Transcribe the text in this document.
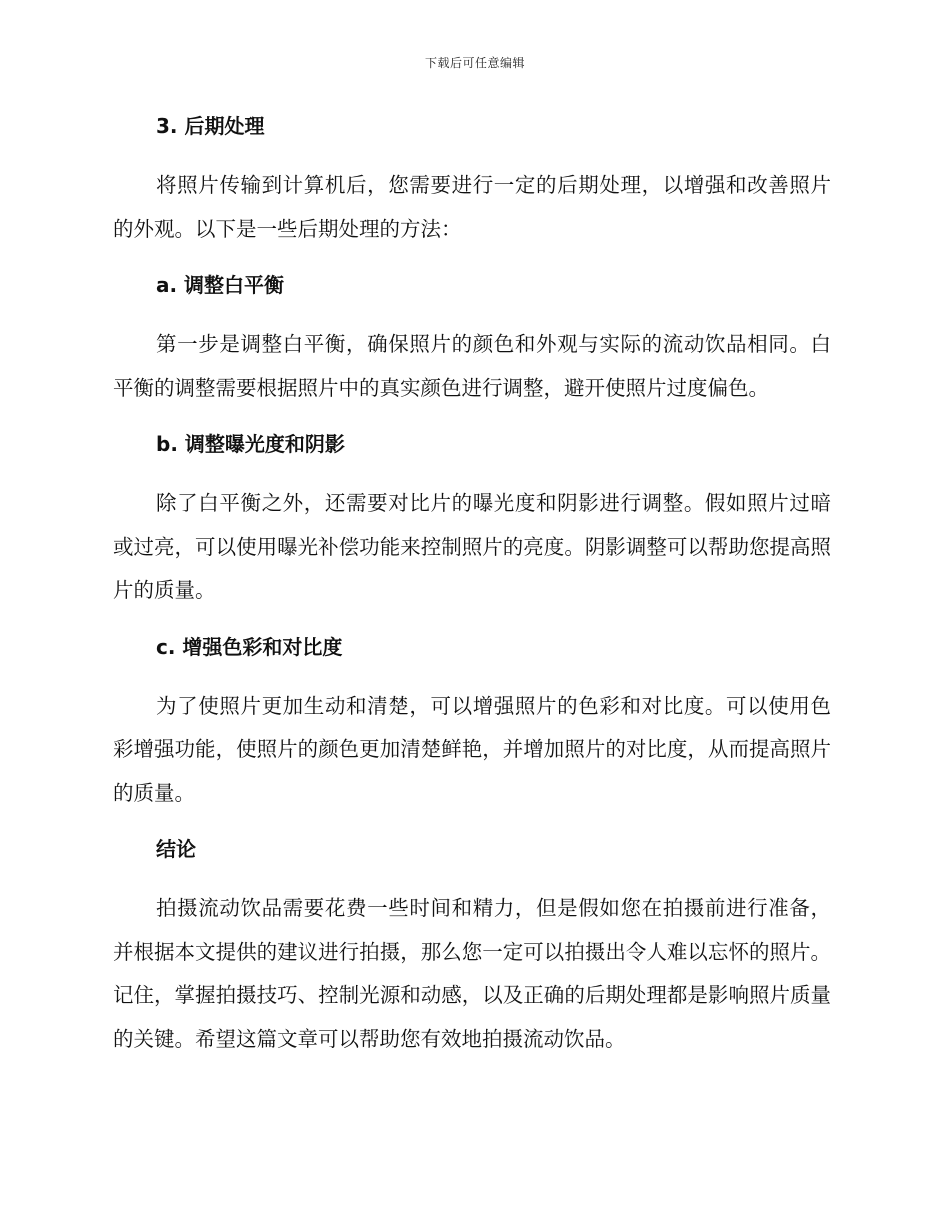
下载后可任意编辑
3. 后期处理

将照片传输到计算机后，您需要进行一定的后期处理，以增强和改善照片的外观。以下是一些后期处理的方法：

a. 调整白平衡

第一步是调整白平衡，确保照片的颜色和外观与实际的流动饮品相同。白平衡的调整需要根据照片中的真实颜色进行调整，避开使照片过度偏色。

b. 调整曝光度和阴影

除了白平衡之外，还需要对比片的曝光度和阴影进行调整。假如照片过暗或过亮，可以使用曝光补偿功能来控制照片的亮度。阴影调整可以帮助您提高照片的质量。

c. 增强色彩和对比度

为了使照片更加生动和清楚，可以增强照片的色彩和对比度。可以使用色彩增强功能，使照片的颜色更加清楚鲜艳，并增加照片的对比度，从而提高照片的质量。

结论

拍摄流动饮品需要花费一些时间和精力，但是假如您在拍摄前进行准备，并根据本文提供的建议进行拍摄，那么您一定可以拍摄出令人难以忘怀的照片。记住，掌握拍摄技巧、控制光源和动感，以及正确的后期处理都是影响照片质量的关键。希望这篇文章可以帮助您有效地拍摄流动饮品。
